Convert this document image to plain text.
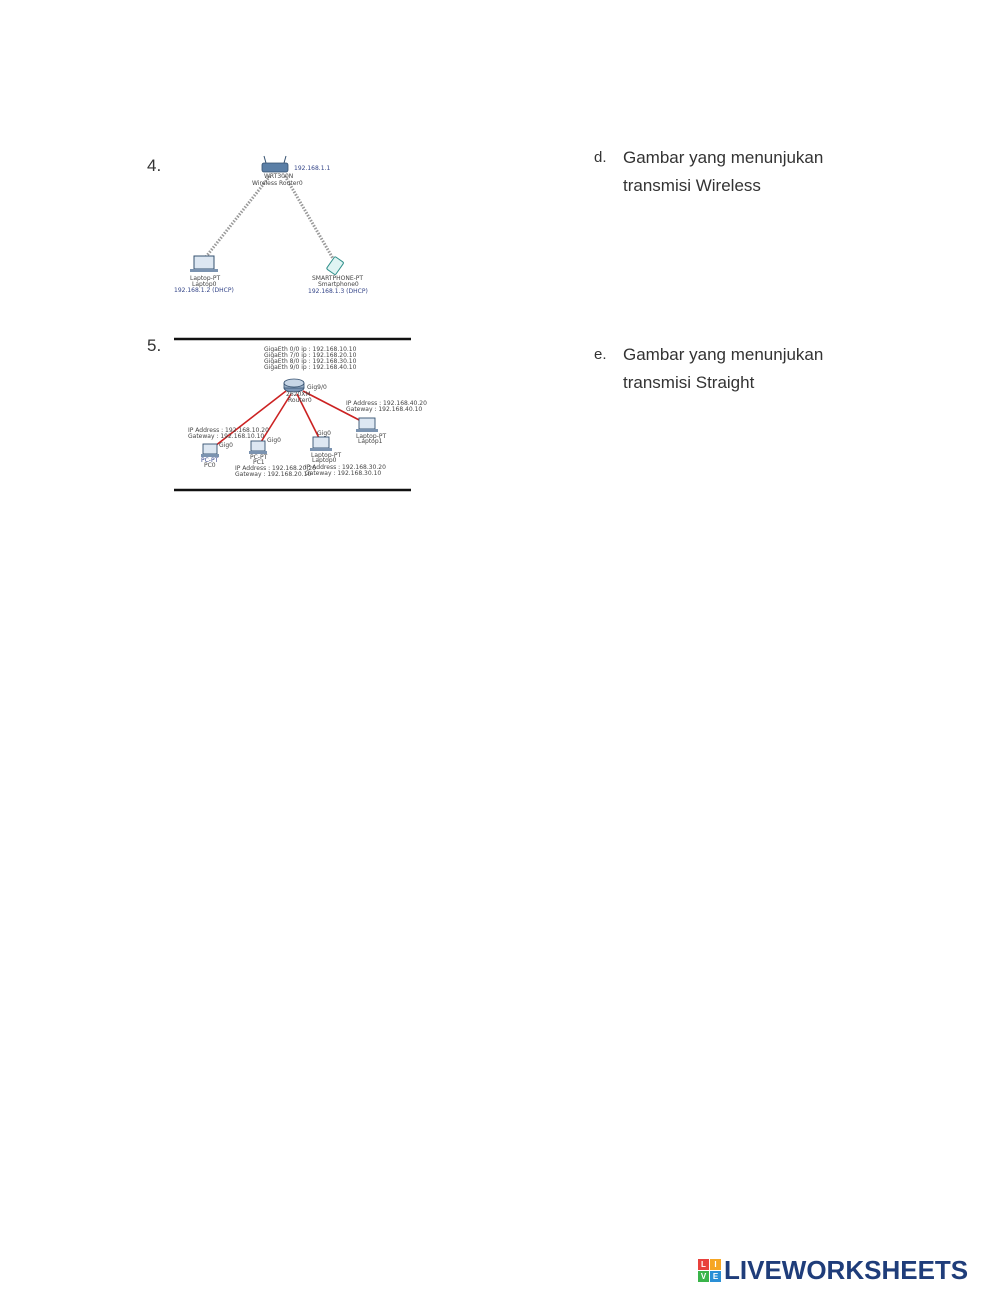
4.
WRT300N
Wireless Router0
192.168.1.1
Laptop-PT
Laptop0
192.168.1.2 (DHCP)
SMARTPHONE-PT
Smartphone0
192.168.1.3 (DHCP)
5.	GigaEth 0/0 ip : 192.168.10.10
GigaEth 7/0 ip : 192.168.20.10
GigaEth 8/0 ip : 192.168.30.10
GigaEth 9/0 ip : 192.168.40.10
Gig9/0
2620XM
Router0
IP Address : 192.168.10.20
Gateway : 192.168.10.10
Gig0
PC-PT
PC0
Gig0
PC-PT
PC1
IP Address : 192.168.20.20
Gateway : 192.168.20.10
Gig0
Laptop-PT
Laptop0
IP Address : 192.168.30.20
Gateway : 192.168.30.10
IP Address : 192.168.40.20
Gateway : 192.168.40.10
Laptop-PT
Laptop1
d. Gambar yang menunjukan transmisi Wireless
e. Gambar yang menunjukan transmisi Straight
L	I
V E LIVEWORKSHEETS
